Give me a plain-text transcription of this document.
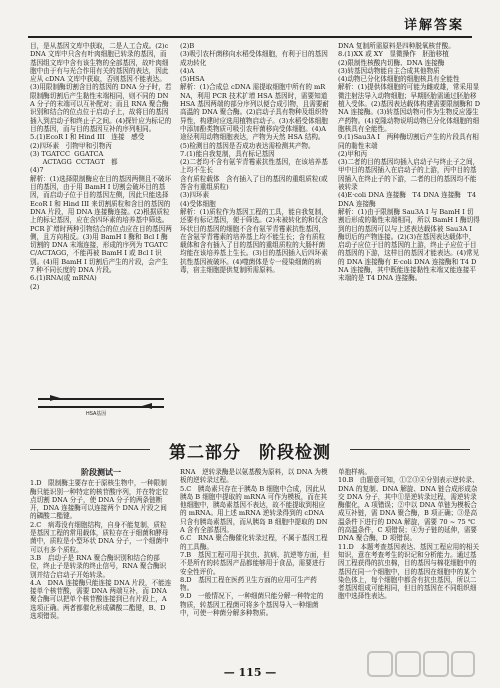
详解答案

目，是从基因文库中获取，二是人工合成。(2)cDNA 文库中只含有叶肉细胞已转录的基因，而基因组文库中含有该生物的全部基因，故叶肉细胞中由于有与光合作用有关的基因的表达，因此应从 cDNA 文库中获取，否则基因不能表达。(3)用限制酶切割含目的基因的 DNA 分子时，若限制酶切割后产生黏性末端相同，则不同的 DNA 分子的末端可以互补配对；而且 RNA 聚合酶识别和结合的位点位于启动子上，故将目的基因插入到启动子和终止子之间。(4)探针应为标记的目的基因，而与目的基因互补的序列相同。

5.(1)EcoR I 和 Hind III　连接　感受

(2)四环素　引物甲和引物丙

(3) TGATCC  GGATCA
ACTAGG  CCTAGT　都

(4)7

解析：(1)选择限制酶应在目的基因两侧且不破坏目的基因，由于用 BamH I 切割会破坏目的基因，而启动子位于目的基因左侧，因此只能选择 EcoR I 和 Hind III 来切割质粒和含目的基因的 DNA 片段，用 DNA 连接酶连接。(2)根据质粒上的标记基因，应在含四环素的培养基中筛选。PCR 扩增时两种引物结合的位点应在目的基因两侧，且方向相反。(3)用 BamH I 酶和 Bcl I 酶切割的 DNA 末端连接，形成的序列为 TGATCC/ACTAGG，不能再被 BamH I 或 Bcl I 识别。(4)用 BamH I 切割后产生的片段，会产生 7 种不同长度的 DNA 片段。

6.(1)RNA(或 mRNA)

(2)

HSA基因

(2)B

(3)吸引农杆菌移向水稻受体细胞，有利于目的基因成功转化

(4)A

(5)HSA

解析：(1)合成总 cDNA 需提取细胞中所有的 mRNA，利用 PCR 技术扩增 HSA 基因时，需要知道 HSA 基因两端的部分序列以便合成引物，且需要耐高温的 DNA 聚合酶。(2)启动子具有物种及组织特异性，构建时应选用植物启动子。(3)水稻受体细胞中添加酚类物质可吸引农杆菌移向受体细胞。(4)A 途径利用动物细胞表达，产物为天然 HSA 结构。(5)检测目的基因是否成功表达需检测其产物。

7.(1)能自我复制，具有标记基因

(2)二者均不含有氨苄青霉素抗性基因，在该培养基上均不生长

含有质粒载体　含有插入了目的基因的重组质粒(或答含有重组质粒)

(3)四环素

(4)受体细胞

解析：(1)质粒作为基因工程的工具，能自我复制，还要有标记基因，便于筛选。(2)未被转化的和仅含环状目的基因的细胞不含有氨苄青霉素抗性基因，在含氨苄青霉素的培养基上均不能生长；含有质粒载体和含有插入了目的基因的重组质粒的大肠杆菌均能在该培养基上生长。(3)目的基因插入后四环素抗性基因被破坏。(4)噬菌体是专一侵染细菌的病毒，宿主细胞提供复制所需原料。

DNA 复制所需原料是四种脱氧核苷酸。

8.(1)XX 或 XY　显微操作　胚胎移植

(2)限制性核酸内切酶、DNA 连接酶

(3)转基因动物能自主合成其他物质

(4)动物已分化体细胞的细胞核具有全能性

解析：(1)提供体细胞的可能为雌或雄，常采用显微注射法导入动物细胞；早期胚胎需通过胚胎移植入受体。(2)基因表达载体构建需要限制酶和 DNA 连接酶。(3)转基因动物可作为生物反应器生产药物。(4)克隆动物说明动物已分化体细胞的细胞核具有全能性。

9.(1)Sau3A I　两种酶切割后产生的片段具有相同的黏性末端

(2)甲和丙

(3)二者的目的基因均插入启动子与终止子之间，甲中目的基因插入在启动子的上游，丙中目的基因插入在终止子的下游，二者的目的基因均不能被转录

(4)E·coli DNA 连接酶　T4 DNA 连接酶　T4 DNA 连接酶

解析：(1)由于限制酶 Sau3A I 与 BamH I 切割后形成的黏性末端相同，所以 BamH I 酶切得到的目的基因可以与上述表达载体被 Sau3A I 酶切后的产物连接。(2)(3)在基因表达载体中，启动子应位于目的基因的上游，终止子应位于目的基因的下游，这样目的基因才能表达。(4)常见的 DNA 连接酶有 E·coli DNA 连接酶和 T4 DNA 连接酶，其中既能连接黏性末端又能连接平末端的是 T4 DNA 连接酶。

第二部分　阶段检测

阶段测试一

1.D　限制酶主要存在于原核生物中，一种限制酶只能识别一种特定的核苷酸序列，并在特定位点切割 DNA 分子，使 DNA 分子的两条链断开，DNA 连接酶可以连接两个 DNA 片段之间的磷酸二酯键。

2.C　病毒没有细胞结构，自身不能复制，质粒是基因工程的常用载体，质粒存在于细菌和酵母菌中，质粒是小型环状 DNA 分子，一个细菌中可以有多个质粒。

3.B　启动子是 RNA 聚合酶识别和结合的部位，终止子是转录的终止信号，RNA 聚合酶识别并结合启动子开始转录。

4.A　DNA 连接酶只能连接 DNA 片段，不能连接单个核苷酸，需要 DNA 两端互补，而 DNA 聚合酶可以把单个核苷酸连接到已有片段上，A 选项正确。两者都催化形成磷酸二酯键，B、D 选项错误。

RNA　逆转录酶是以氨基酸为原料，以 DNA 为模板的逆转录过程。

5.C　胰岛素只存在于胰岛 B 细胞中合成，因此从胰岛 B 细胞中提取的 mRNA 可作为模板，而在其他细胞中，胰岛素基因不表达，故不能提取到相应的 mRNA。用上述 mRNA 逆转录得到的 cDNA 只含有胰岛素基因，而从胰岛 B 细胞中提取的 DNA 含有全部基因。

6.C　RNA 聚合酶催化转录过程，不属于基因工程的工具酶。

7.B　基因工程可用于抗虫、抗病、抗逆等方面，但不是所有的转基因产品都能够用于食品，需要进行安全性评价。

8.D　基因工程在医药卫生方面的应用可生产药物。

9.D　一般情况下，一种细菌只能分解一种特定的物质，转基因工程菌可将多个基因导入一种细菌中，可使一种菌分解多种物质。

单抱样病。

10.B　由题意可知，①②③④分别表示逆转录、DNA 的复制、DNA 解旋、DNA 链合成形成杂交 DNA 分子，其中①是逆转录过程，需逆转录酶催化，A 项错误；②中以 DNA 单链为模板合成互补链，需 DNA 聚合酶，B 项正确；③是高温条件下进行的 DNA 解旋，需要 70 ~ 75 ℃ 的高温条件，C 项错误；④为子链的延伸，需要 DNA 聚合酶，D 项错误。

11.D　本题考查基因表达、基因工程应用的相关知识，意在考查考生的识记和分析能力。通过基因工程获得的抗虫棉，目的基因与棉花细胞中的基因在同一个细胞中，目的基因在细胞中的某个染色体上，每个细胞中都含有抗虫基因，所以二者基因组成可能相同，但目的基因在不同组织细胞中选择性表达。

— 115 —
